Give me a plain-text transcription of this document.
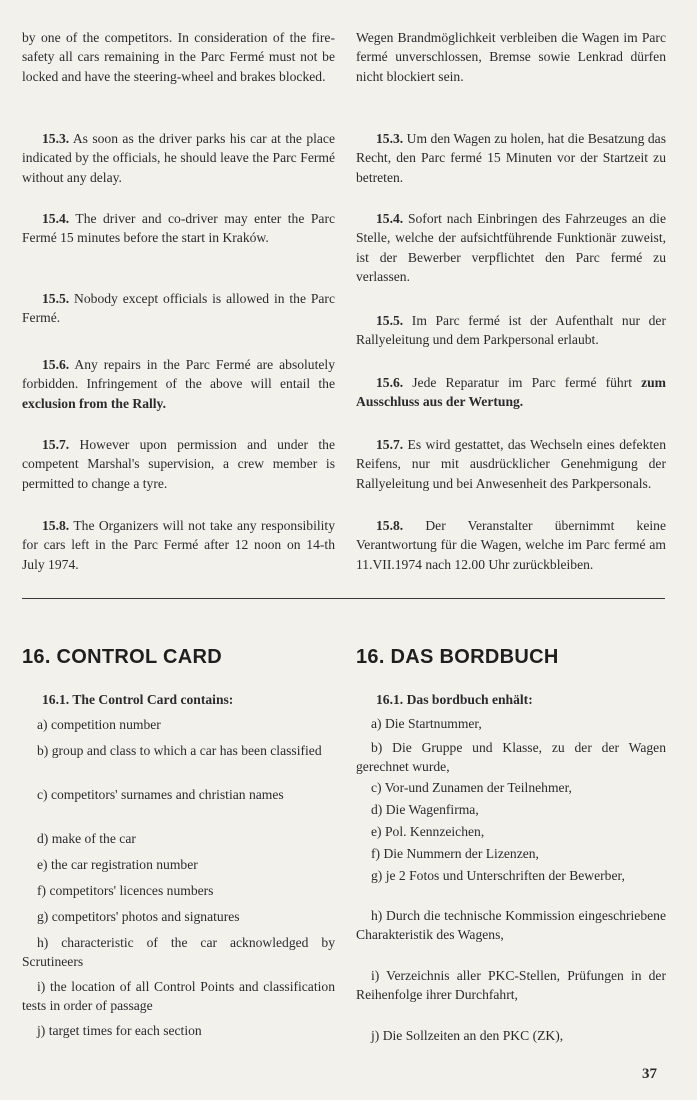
by one of the competitors. In consideration of the fire-safety all cars remaining in the Parc Fermé must not be locked and have the steering-wheel and brakes blocked.

15.3. As soon as the driver parks his car at the place indicated by the officials, he should leave the Parc Fermé without any delay.

15.4. The driver and co-driver may enter the Parc Fermé 15 minutes before the start in Kraków.

15.5. Nobody except officials is allowed in the Parc Fermé.

15.6. Any repairs in the Parc Fermé are absolutely forbidden. Infringement of the above will entail the exclusion from the Rally.

15.7. However upon permission and under the competent Marshal's supervision, a crew member is permitted to change a tyre.

15.8. The Organizers will not take any responsibility for cars left in the Parc Fermé after 12 noon on 14-th July 1974.

Wegen Brandmöglichkeit verbleiben die Wagen im Parc fermé unverschlossen, Bremse sowie Lenkrad dürfen nicht blockiert sein.

15.3. Um den Wagen zu holen, hat die Besatzung das Recht, den Parc fermé 15 Minuten vor der Startzeit zu betreten.

15.4. Sofort nach Einbringen des Fahrzeuges an die Stelle, welche der aufsichtführende Funktionär zuweist, ist der Bewerber verpflichtet den Parc fermé zu verlassen.

15.5. Im Parc fermé ist der Aufenthalt nur der Rallyeleitung und dem Parkpersonal erlaubt.

15.6. Jede Reparatur im Parc fermé führt zum Ausschluss aus der Wertung.

15.7. Es wird gestattet, das Wechseln eines defekten Reifens, nur mit ausdrücklicher Genehmigung der Rallyeleitung und bei Anwesenheit des Parkpersonals.

15.8. Der Veranstalter übernimmt keine Verantwortung für die Wagen, welche im Parc fermé am 11.VII.1974 nach 12.00 Uhr zurückbleiben.

16. CONTROL CARD	16. DAS BORDBUCH

16.1. The Control Card contains:

a) competition number

b) group and class to which a car has been classified

c) competitors' surnames and christian names

d) make of the car

e) the car registration number

f) competitors' licences numbers

g) competitors' photos and signatures

h) characteristic of the car acknowledged by Scrutineers

i) the location of all Control Points and classification tests in order of passage

j) target times for each section

16.1. Das bordbuch enhält:

a) Die Startnummer,

b) Die Gruppe und Klasse, zu der der Wagen gerechnet wurde,

c) Vor-und Zunamen der Teilnehmer,

d) Die Wagenfirma,

e) Pol. Kennzeichen,

f) Die Nummern der Lizenzen,

g) je 2 Fotos und Unterschriften der Bewerber,

h) Durch die technische Kommission eingeschriebene Charakteristik des Wagens,

i) Verzeichnis aller PKC-Stellen, Prüfungen in der Reihenfolge ihrer Durchfahrt,

j) Die Sollzeiten an den PKC (ZK),

37
